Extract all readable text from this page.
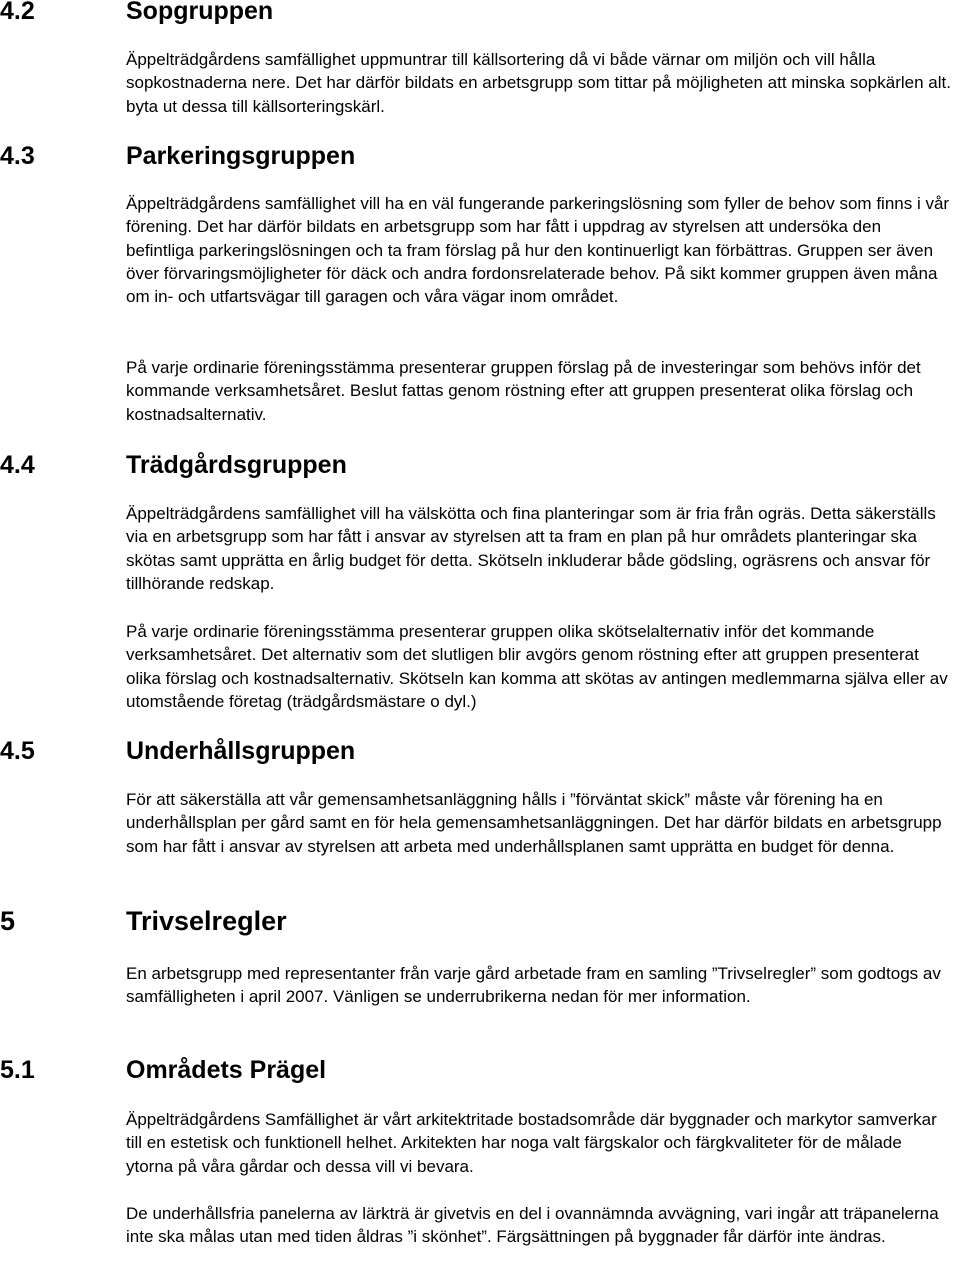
4.2	Sopgruppen

Äppelträdgårdens samfällighet uppmuntrar till källsortering då vi både värnar om miljön och vill hålla sopkostnaderna nere. Det har därför bildats en arbetsgrupp som tittar på möjligheten att minska sopkärlen alt. byta ut dessa till källsorteringskärl.

4.3	Parkeringsgruppen

Äppelträdgårdens samfällighet vill ha en väl fungerande parkeringslösning som fyller de behov som finns i vår förening. Det har därför bildats en arbetsgrupp som har fått i uppdrag av styrelsen att undersöka den befintliga parkeringslösningen och ta fram förslag på hur den kontinuerligt kan förbättras. Gruppen ser även över förvaringsmöjligheter för däck och andra fordonsrelaterade behov. På sikt kommer gruppen även måna om in- och utfartsvägar till garagen och våra vägar inom området.

På varje ordinarie föreningsstämma presenterar gruppen förslag på de investeringar som behövs inför det kommande verksamhetsåret. Beslut fattas genom röstning efter att gruppen presenterat olika förslag och kostnadsalternativ.

4.4	Trädgårdsgruppen

Äppelträdgårdens samfällighet vill ha välskötta och fina planteringar som är fria från ogräs. Detta säkerställs via en arbetsgrupp som har fått i ansvar av styrelsen att ta fram en plan på hur områdets planteringar ska skötas samt upprätta en årlig budget för detta. Skötseln inkluderar både gödsling, ogräsrens och ansvar för tillhörande redskap.

På varje ordinarie föreningsstämma presenterar gruppen olika skötselalternativ inför det kommande verksamhetsåret. Det alternativ som det slutligen blir avgörs genom röstning efter att gruppen presenterat olika förslag och kostnadsalternativ. Skötseln kan komma att skötas av antingen medlemmarna själva eller av utomstående företag (trädgårdsmästare o dyl.)

4.5	Underhållsgruppen

För att säkerställa att vår gemensamhetsanläggning hålls i ”förväntat skick” måste vår förening ha en underhållsplan per gård samt en för hela gemensamhetsanläggningen. Det har därför bildats en arbetsgrupp som har fått i ansvar av styrelsen att arbeta med underhållsplanen samt upprätta en budget för denna.

5	Trivselregler

En arbetsgrupp med representanter från varje gård arbetade fram en samling ”Trivselregler” som godtogs av samfälligheten i april 2007. Vänligen se underrubrikerna nedan för mer information.

5.1	Områdets Prägel

Äppelträdgårdens Samfällighet är vårt arkitektritade bostadsområde där byggnader och markytor samverkar till en estetisk och funktionell helhet. Arkitekten har noga valt färgskalor och färgkvaliteter för de målade ytorna på våra gårdar och dessa vill vi bevara.

De underhållsfria panelerna av lärkträ är givetvis en del i ovannämnda avvägning, vari ingår att träpanelerna inte ska målas utan med tiden åldras ”i skönhet”. Färgsättningen på byggnader får därför inte ändras.
